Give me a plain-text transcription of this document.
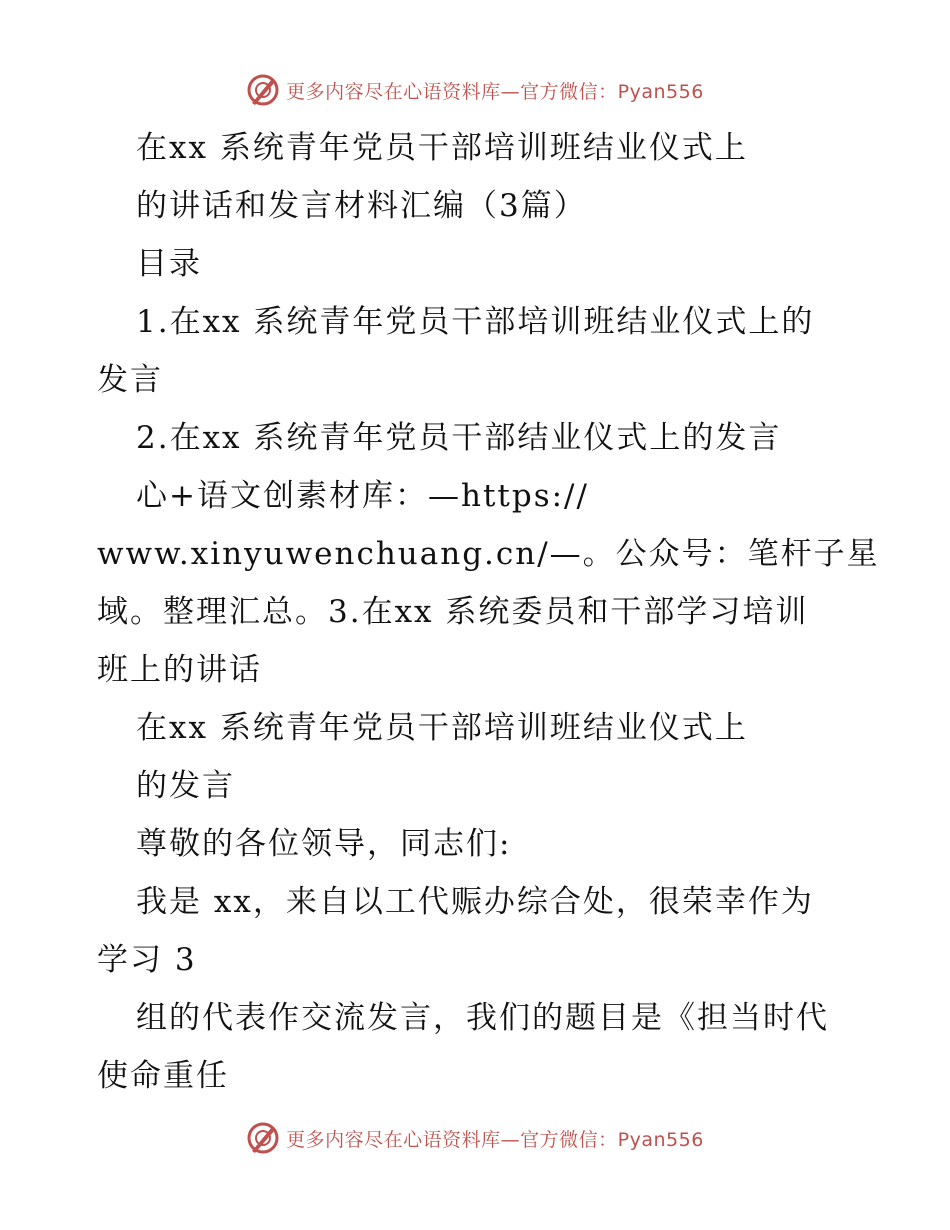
更多内容尽在心语资料库—官方微信：Pyan556
在xx 系统青年党员干部培训班结业仪式上
的讲话和发言材料汇编（3篇）
目录
1.在xx 系统青年党员干部培训班结业仪式上的
发言
2.在xx 系统青年党员干部结业仪式上的发言
心+语文创素材库：—https://
www.xinyuwenchuang.cn/—。公众号：笔杆子星
域。整理汇总。3.在xx 系统委员和干部学习培训
班上的讲话
在xx 系统青年党员干部培训班结业仪式上
的发言
尊敬的各位领导，同志们:
我是 xx，来自以工代赈办综合处，很荣幸作为
学习 3
组的代表作交流发言，我们的题目是《担当时代
使命重任
更多内容尽在心语资料库—官方微信：Pyan556
